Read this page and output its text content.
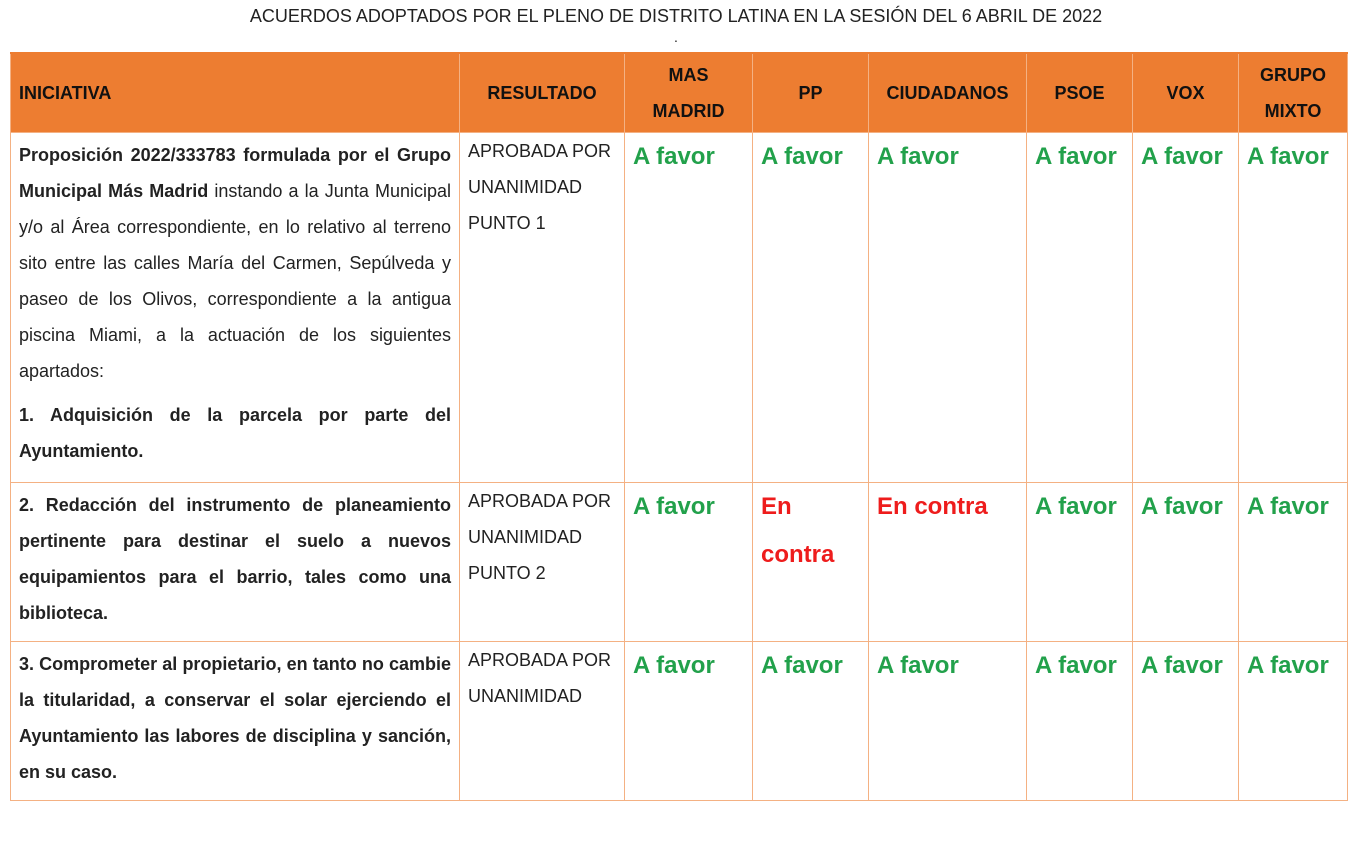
ACUERDOS ADOPTADOS POR EL PLENO DE DISTRITO LATINA EN LA SESIÓN DEL 6 ABRIL DE 2022
.
INICIATIVA	RESULTADO	MAS MADRID	PP	CIUDADANOS	PSOE	VOX	GRUPO MIXTO

Proposición 2022/333783 formulada por el Grupo Municipal Más Madrid instando a la Junta Municipal y/o al Área correspondiente, en lo relativo al terreno sito entre las calles María del Carmen, Sepúlveda y paseo de los Olivos, correspondiente a la antigua piscina Miami, a la actuación de los siguientes apartados:

1. Adquisición de la parcela por parte del Ayuntamiento.	APROBADA POR UNANIMIDAD PUNTO 1	A favor	A favor	A favor	A favor	A favor	A favor

2. Redacción del instrumento de planeamiento pertinente para destinar el suelo a nuevos equipamientos para el barrio, tales como una biblioteca.	APROBADA POR UNANIMIDAD PUNTO 2	A favor	En contra	En contra	A favor	A favor	A favor

3. Comprometer al propietario, en tanto no cambie la titularidad, a conservar el solar ejerciendo el Ayuntamiento las labores de disciplina y sanción, en su caso.	APROBADA POR UNANIMIDAD	A favor	A favor	A favor	A favor	A favor	A favor
